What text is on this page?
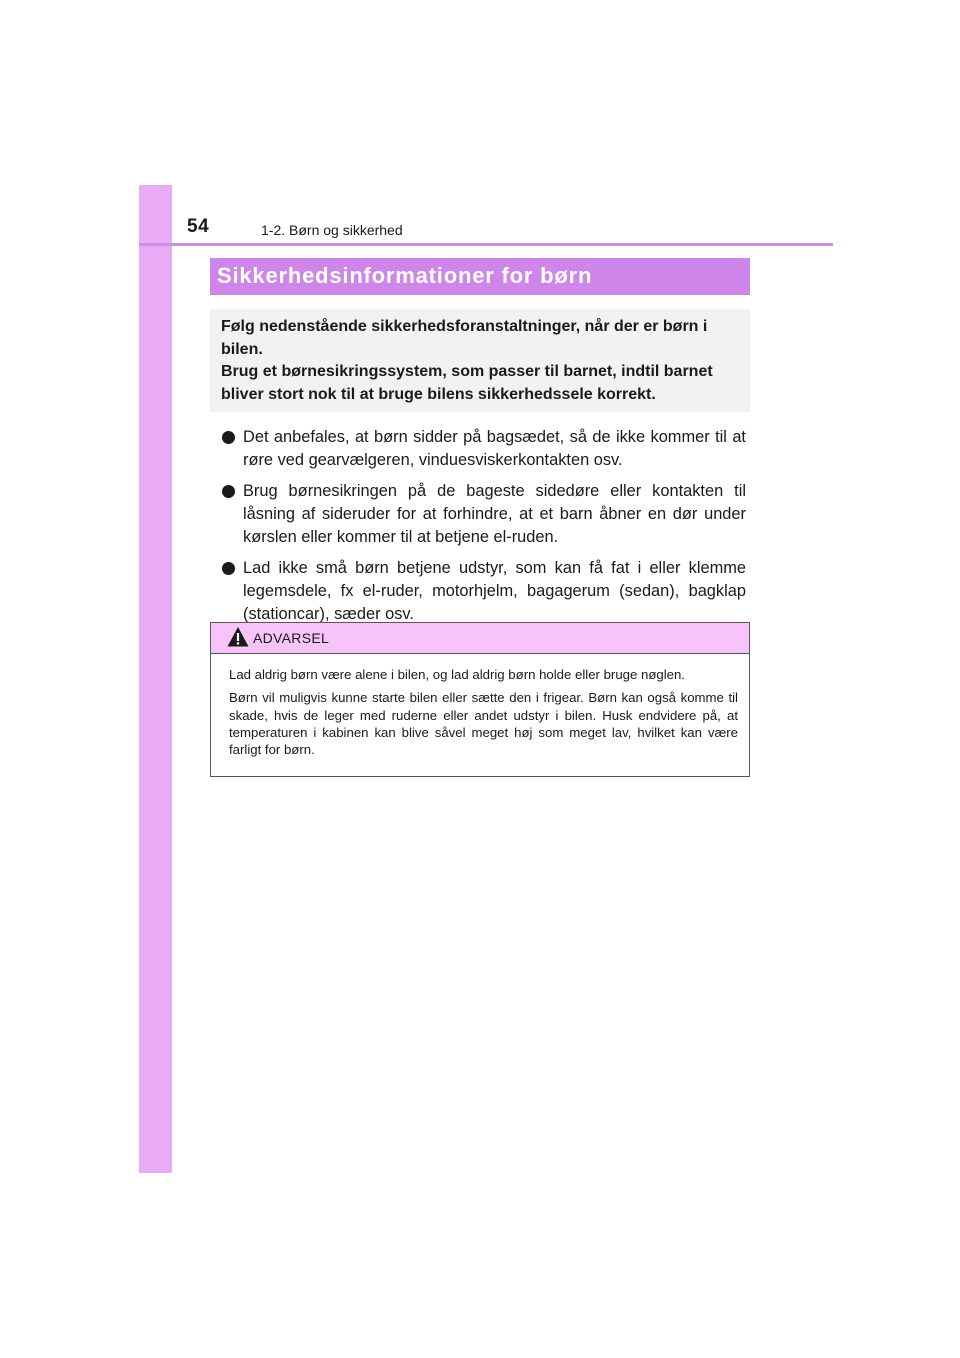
54	1-2. Børn og sikkerhed
Sikkerhedsinformationer for børn
Følg nedenstående sikkerhedsforanstaltninger, når der er børn i
bilen.
Brug et børnesikringssystem, som passer til barnet, indtil barnet
bliver stort nok til at bruge bilens sikkerhedssele korrekt.
Det anbefales, at børn sidder på bagsædet, så de ikke kommer til at røre ved gearvælgeren, vinduesviskerkontakten osv.
Brug børnesikringen på de bageste sidedøre eller kontakten til låsning af sideruder for at forhindre, at et barn åbner en dør under kørslen eller kommer til at betjene el-ruden.
Lad ikke små børn betjene udstyr, som kan få fat i eller klemme legemsdele, fx el-ruder, motorhjelm, bagagerum (sedan), bagklap (stationcar), sæder osv.
ADVARSEL

Lad aldrig børn være alene i bilen, og lad aldrig børn holde eller bruge nøglen.

Børn vil muligvis kunne starte bilen eller sætte den i frigear. Børn kan også komme til skade, hvis de leger med ruderne eller andet udstyr i bilen. Husk endvidere på, at temperaturen i kabinen kan blive såvel meget høj som meget lav, hvilket kan være farligt for børn.
